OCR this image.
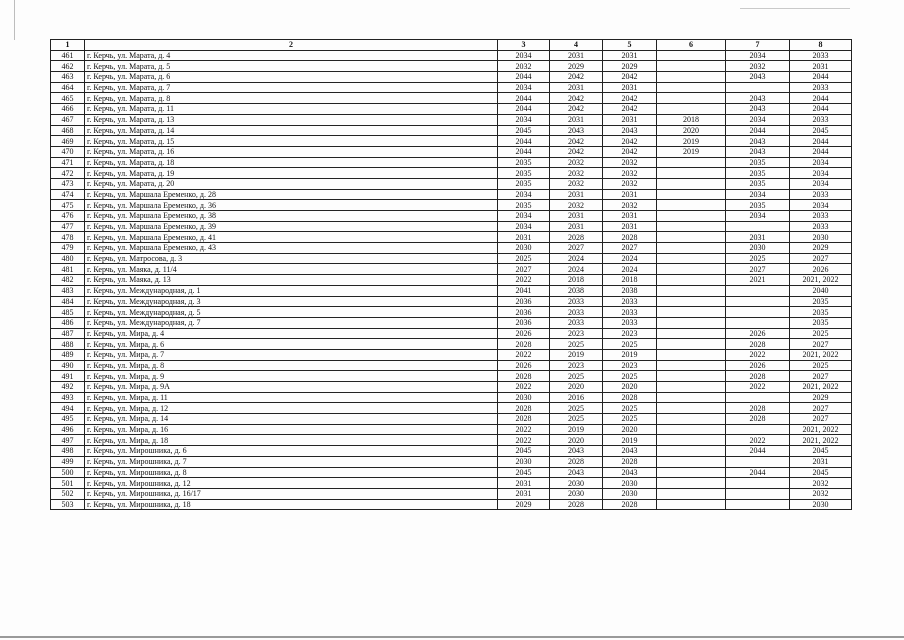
1	2	3	4	5	6	7	8
461	г. Керчь, ул. Марата, д. 4	2034	2031	2031		2034	2033
462	г. Керчь, ул. Марата, д. 5	2032	2029	2029		2032	2031
463	г. Керчь, ул. Марата, д. 6	2044	2042	2042		2043	2044
464	г. Керчь, ул. Марата, д. 7	2034	2031	2031			2033
465	г. Керчь, ул. Марата, д. 8	2044	2042	2042		2043	2044
466	г. Керчь, ул. Марата, д. 11	2044	2042	2042		2043	2044
467	г. Керчь, ул. Марата, д. 13	2034	2031	2031	2018	2034	2033
468	г. Керчь, ул. Марата, д. 14	2045	2043	2043	2020	2044	2045
469	г. Керчь, ул. Марата, д. 15	2044	2042	2042	2019	2043	2044
470	г. Керчь, ул. Марата, д. 16	2044	2042	2042	2019	2043	2044
471	г. Керчь, ул. Марата, д. 18	2035	2032	2032		2035	2034
472	г. Керчь, ул. Марата, д. 19	2035	2032	2032		2035	2034
473	г. Керчь, ул. Марата, д. 20	2035	2032	2032		2035	2034
474	г. Керчь, ул. Маршала Еременко, д. 28	2034	2031	2031		2034	2033
475	г. Керчь, ул. Маршала Еременко, д. 36	2035	2032	2032		2035	2034
476	г. Керчь, ул. Маршала Еременко, д. 38	2034	2031	2031		2034	2033
477	г. Керчь, ул. Маршала Еременко, д. 39	2034	2031	2031			2033
478	г. Керчь, ул. Маршала Еременко, д. 41	2031	2028	2028		2031	2030
479	г. Керчь, ул. Маршала Еременко, д. 43	2030	2027	2027		2030	2029
480	г. Керчь, ул. Матросова, д. 3	2025	2024	2024		2025	2027
481	г. Керчь, ул. Маяка, д. 11/4	2027	2024	2024		2027	2026
482	г. Керчь, ул. Маяка, д. 13	2022	2018	2018		2021	2021, 2022
483	г. Керчь, ул. Международная, д. 1	2041	2038	2038			2040
484	г. Керчь, ул. Международная, д. 3	2036	2033	2033			2035
485	г. Керчь, ул. Международная, д. 5	2036	2033	2033			2035
486	г. Керчь, ул. Международная, д. 7	2036	2033	2033			2035
487	г. Керчь, ул. Мира, д. 4	2026	2023	2023		2026	2025
488	г. Керчь, ул. Мира, д. 6	2028	2025	2025		2028	2027
489	г. Керчь, ул. Мира, д. 7	2022	2019	2019		2022	2021, 2022
490	г. Керчь, ул. Мира, д. 8	2026	2023	2023		2026	2025
491	г. Керчь, ул. Мира, д. 9	2028	2025	2025		2028	2027
492	г. Керчь, ул. Мира, д. 9А	2022	2020	2020		2022	2021, 2022
493	г. Керчь, ул. Мира, д. 11	2030	2016	2028			2029
494	г. Керчь, ул. Мира, д. 12	2028	2025	2025		2028	2027
495	г. Керчь, ул. Мира, д. 14	2028	2025	2025		2028	2027
496	г. Керчь, ул. Мира, д. 16	2022	2019	2020			2021, 2022
497	г. Керчь, ул. Мира, д. 18	2022	2020	2019		2022	2021, 2022
498	г. Керчь, ул. Мирошника, д. 6	2045	2043	2043		2044	2045
499	г. Керчь, ул. Мирошника, д. 7	2030	2028	2028			2031
500	г. Керчь, ул. Мирошника, д. 8	2045	2043	2043		2044	2045
501	г. Керчь, ул. Мирошника, д. 12	2031	2030	2030			2032
502	г. Керчь, ул. Мирошника, д. 16/17	2031	2030	2030			2032
503	г. Керчь, ул. Мирошника, д. 18	2029	2028	2028			2030
